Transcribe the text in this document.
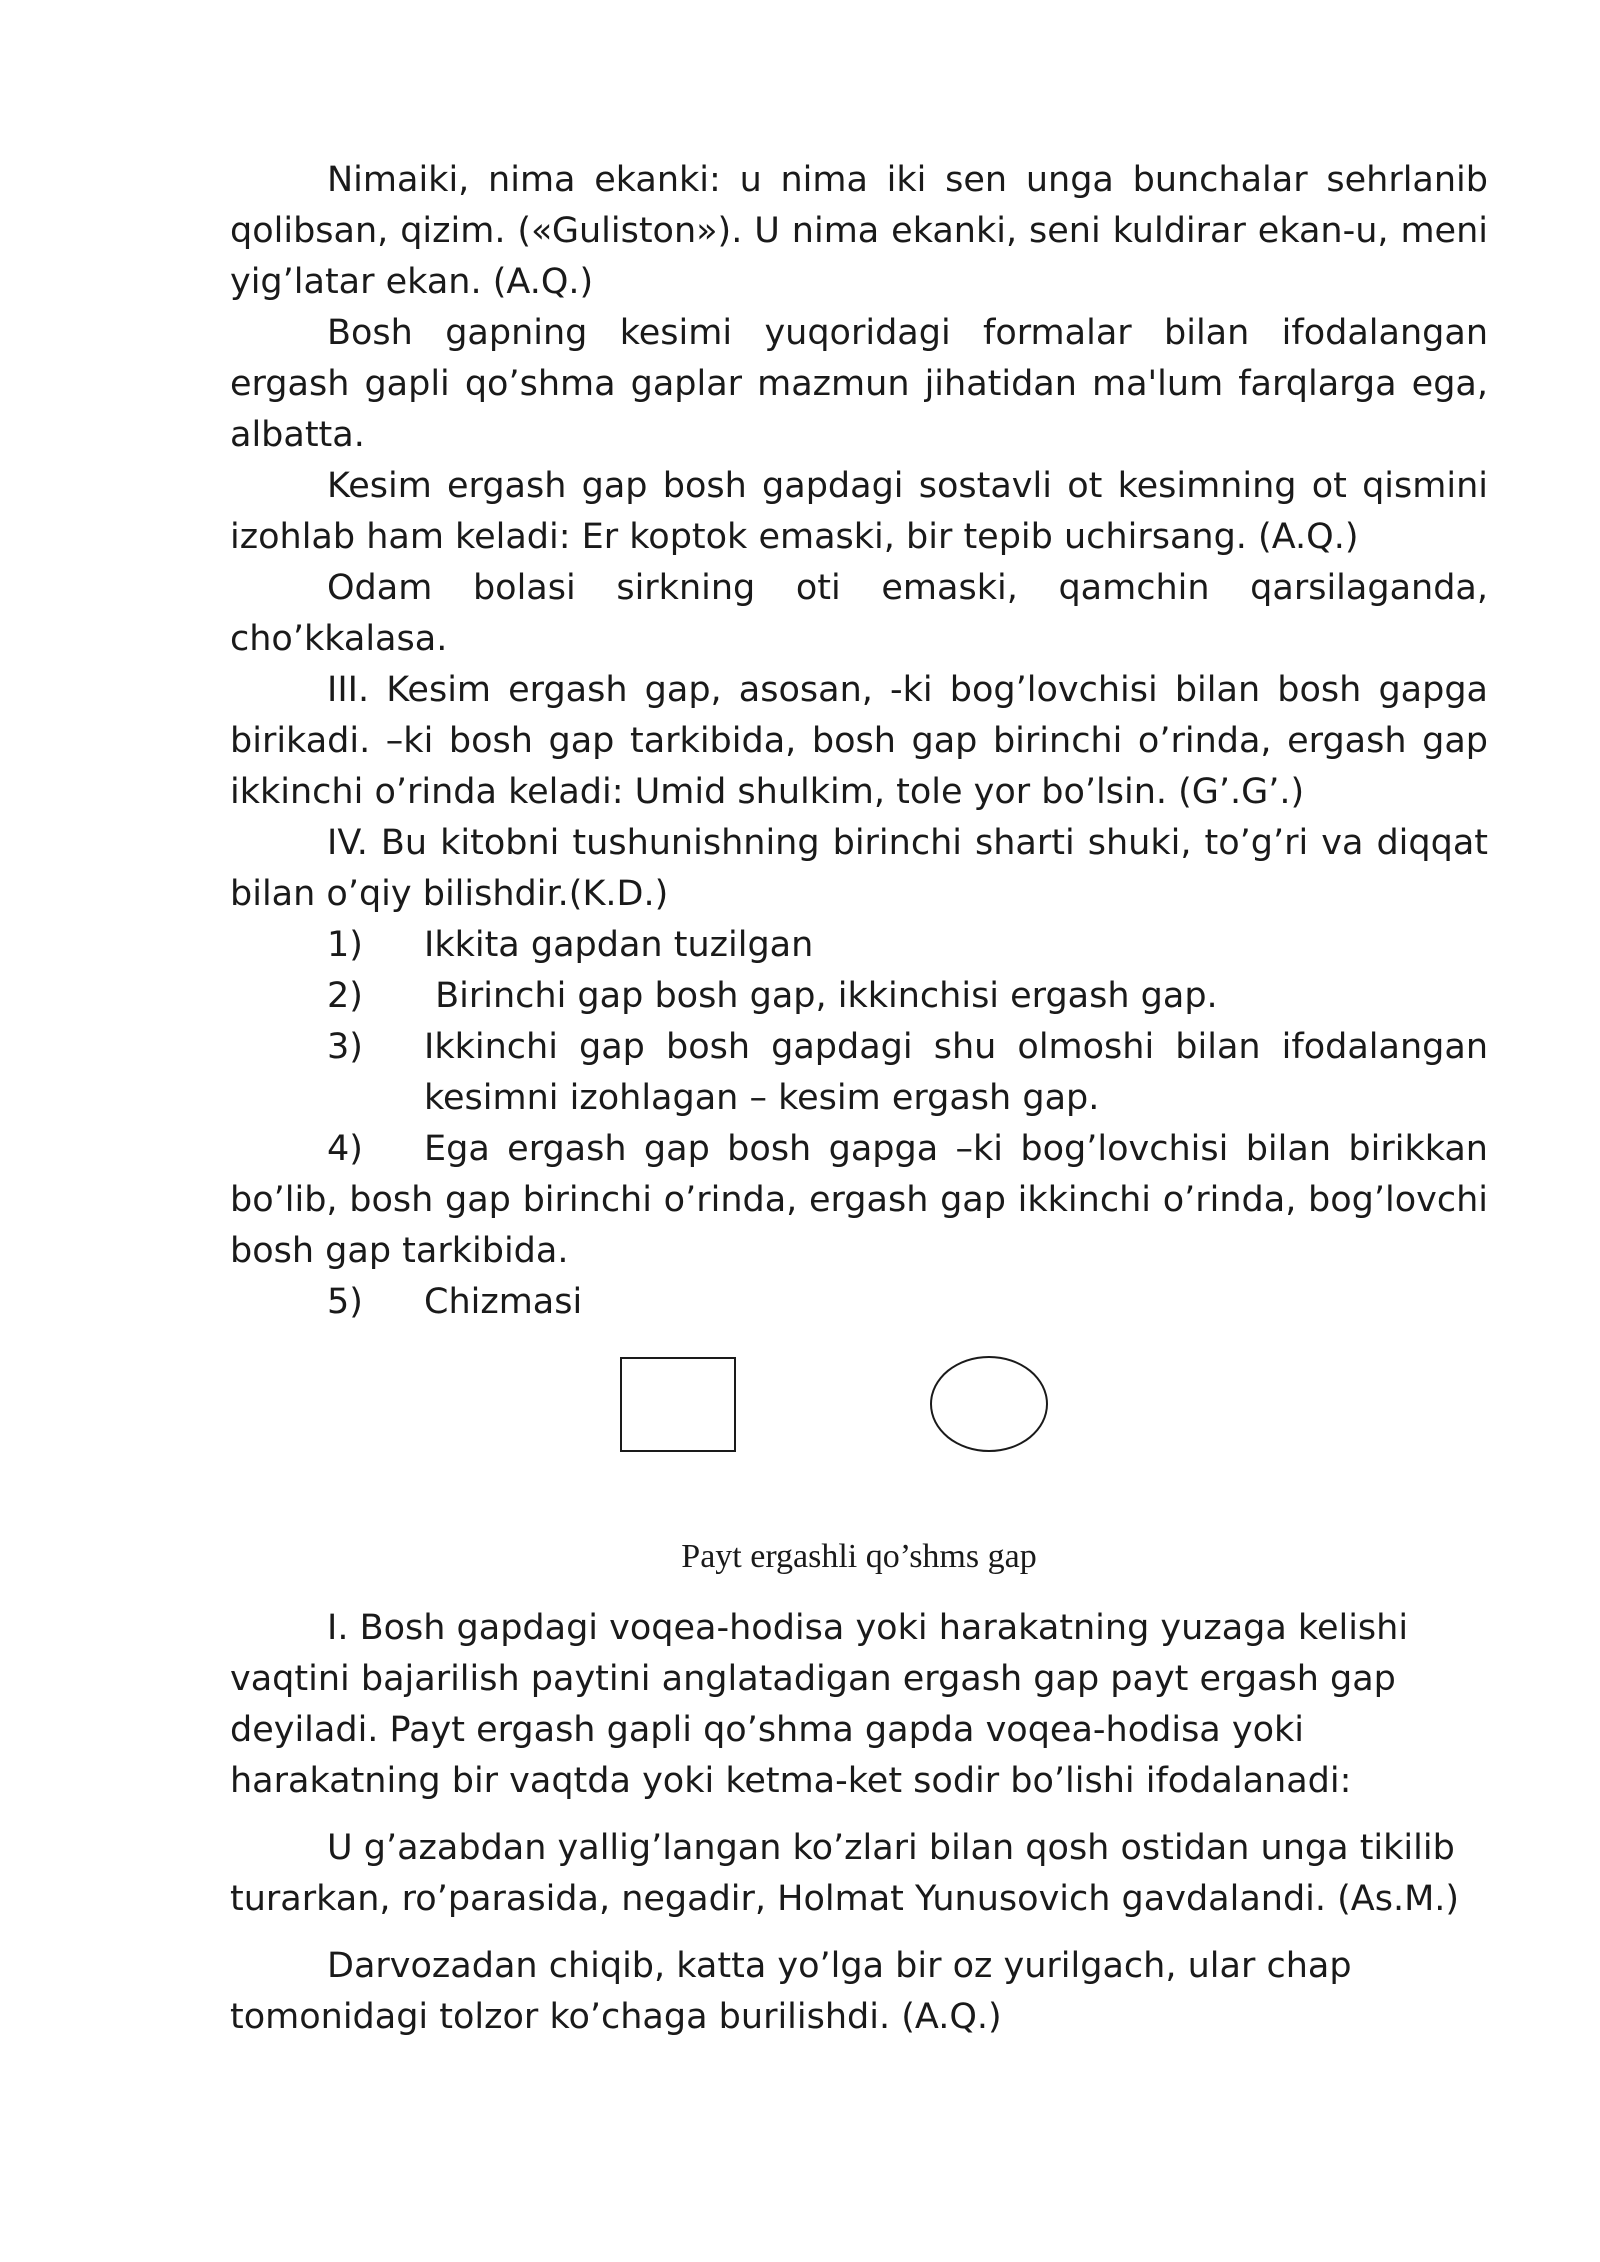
Nimaiki, nima ekanki: u nima iki sen unga bunchalar sehrlanib qolibsan, qizim. («Guliston»). U nima ekanki, seni kuldirar ekan-u, meni yig’latar ekan. (A.Q.)

Bosh gapning kesimi yuqoridagi formalar bilan ifodalangan ergash gapli qo’shma gaplar mazmun jihatidan ma'lum farqlarga ega, albatta.

Kesim ergash gap bosh gapdagi sostavli ot kesimning ot qismini izohlab ham keladi: Er koptok emaski, bir tepib uchirsang. (A.Q.)

Odam bolasi sirkning oti emaski, qamchin qarsilaganda, cho’kkalasa.

III. Kesim ergash gap, asosan, -ki bog’lovchisi bilan bosh gapga birikadi. –ki bosh gap tarkibida, bosh gap birinchi o’rinda, ergash gap ikkinchi o’rinda keladi: Umid shulkim, tole yor bo’lsin. (G’.G’.)

IV. Bu kitobni tushunishning birinchi sharti shuki, to’g’ri va diqqat bilan o’qiy bilishdir.(K.D.)

1)	Ikkita gapdan tuzilgan
2)	Birinchi gap bosh gap, ikkinchisi ergash gap.
3)	Ikkinchi gap bosh gapdagi shu olmoshi bilan ifodalangan kesimni izohlagan – kesim ergash gap.

4) Ega ergash gap bosh gapga –ki bog’lovchisi bilan birikkan bo’lib, bosh gap birinchi o’rinda, ergash gap ikkinchi o’rinda, bog’lovchi bosh gap tarkibida.

5)	Chizmasi
Payt ergashli qo’shms gap

I. Bosh gapdagi voqea-hodisa yoki harakatning yuzaga kelishi vaqtini bajarilish paytini anglatadigan ergash gap payt ergash gap deyiladi. Payt ergash gapli qo’shma gapda voqea-hodisa yoki harakatning bir vaqtda yoki ketma-ket sodir bo’lishi ifodalanadi:

U g’azabdan yallig’langan ko’zlari bilan qosh ostidan unga tikilib turarkan, ro’parasida, negadir, Holmat Yunusovich gavdalandi. (As.M.)

Darvozadan chiqib, katta yo’lga bir oz yurilgach, ular chap tomonidagi tolzor ko’chaga burilishdi. (A.Q.)
